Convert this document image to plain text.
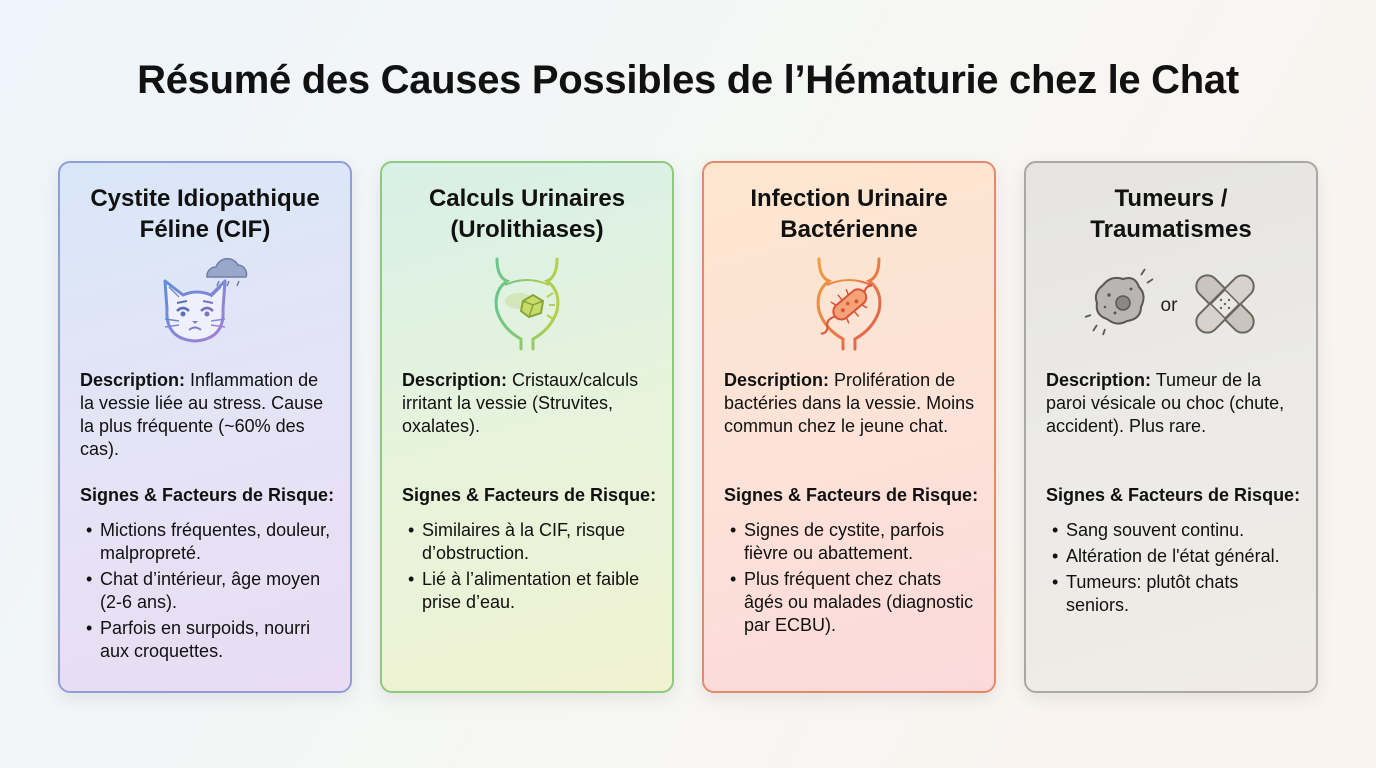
Résumé des Causes Possibles de l’Hématurie chez le Chat
Cystite Idiopathique
Féline (CIF)
Description: Inflammation de la vessie liée au stress. Cause la plus fréquente (~60% des cas).
Signes & Facteurs de Risque:
• Mictions fréquentes, douleur, malpropreté.
• Chat d’intérieur, âge moyen (2-6 ans).
• Parfois en surpoids, nourri aux croquettes.
Calculs Urinaires
(Urolithiases)
Description: Cristaux/calculs irritant la vessie (Struvites, oxalates).
Signes & Facteurs de Risque:
• Similaires à la CIF, risque d’obstruction.
• Lié à l’alimentation et faible prise d’eau.
Infection Urinaire
Bactérienne
Description: Prolifération de bactéries dans la vessie. Moins commun chez le jeune chat.
Signes & Facteurs de Risque:
• Signes de cystite, parfois fièvre ou abattement.
• Plus fréquent chez chats âgés ou malades (diagnostic par ECBU).
Tumeurs /
Traumatismes
or
Description: Tumeur de la paroi vésicale ou choc (chute, accident). Plus rare.
Signes & Facteurs de Risque:
• Sang souvent continu.
• Altération de l'état général.
• Tumeurs: plutôt chats seniors.
